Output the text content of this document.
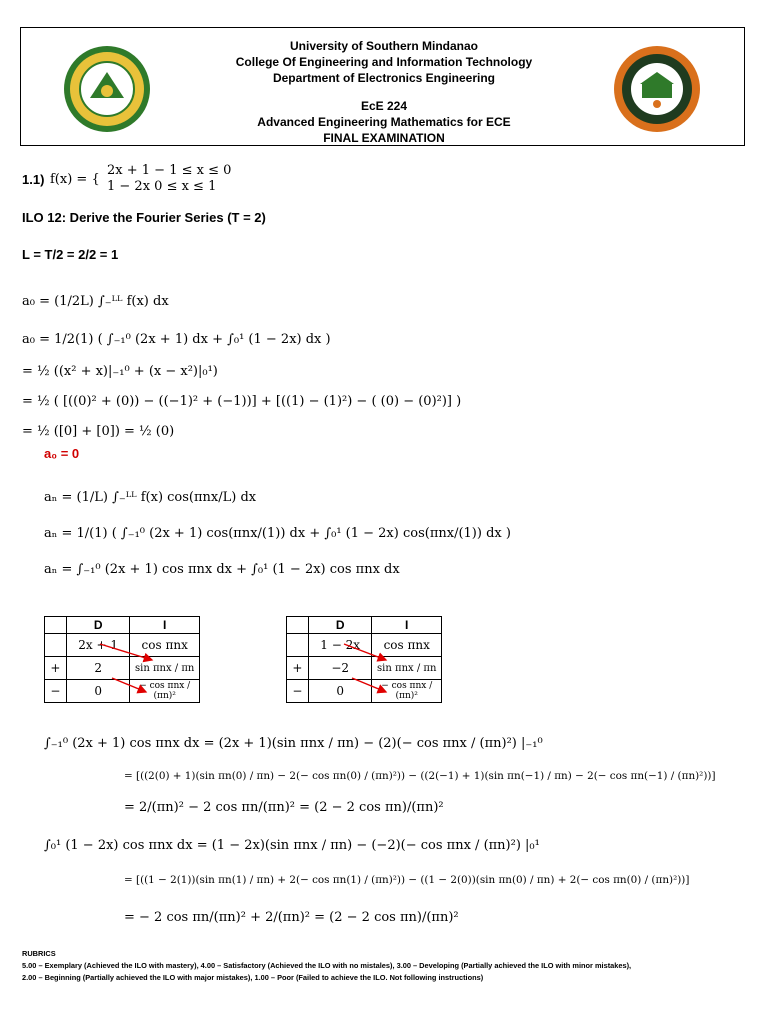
University of Southern Mindanao
College Of Engineering and Information Technology
Department of Electronics Engineering
EcE 224
Advanced Engineering Mathematics for ECE
FINAL EXAMINATION
1.1) f(x) = {
2x + 1 − 1 ≤ x ≤ 0
1 − 2x 0 ≤ x ≤ 1
ILO 12: Derive the Fourier Series (T = 2)
L = T/2 = 2/2 = 1
a₀ = (1/2L) ∫₋ᴸᴸ f(x) dx
a₀ = 1/2(1) ( ∫₋₁⁰ (2x + 1) dx + ∫₀¹ (1 − 2x) dx )
= ½ ((x² + x)|₋₁⁰ + (x − x²)|₀¹)
= ½ ( [((0)² + (0)) − ((−1)² + (−1))] + [((1) − (1)²) − ( (0) − (0)²)] )
= ½ ([0] + [0]) = ½ (0)
a₀ = 0
aₙ = (1/L) ∫₋ᴸᴸ f(x) cos(πnx/L) dx
aₙ = 1/(1) ( ∫₋₁⁰ (2x + 1) cos(πnx/(1)) dx + ∫₀¹ (1 − 2x) cos(πnx/(1)) dx )
aₙ = ∫₋₁⁰ (2x + 1) cos πnx dx + ∫₀¹ (1 − 2x) cos πnx dx
	D	I
	2x + 1	cos πnx
+	2	sin πnx / πn
−	0	− cos πnx / (πn)²
	D	I
	1 − 2x	cos πnx
+	−2	sin πnx / πn
−	0	− cos πnx / (πn)²
∫₋₁⁰ (2x + 1) cos πnx dx = (2x + 1)(sin πnx / πn) − (2)(− cos πnx / (πn)²) |₋₁⁰
= [((2(0) + 1)(sin πn(0) / πn) − 2(− cos πn(0) / (πn)²)) − ((2(−1) + 1)(sin πn(−1) / πn) − 2(− cos πn(−1) / (πn)²))]
= 2/(πn)² − 2 cos πn/(πn)² = (2 − 2 cos πn)/(πn)²
∫₀¹ (1 − 2x) cos πnx dx = (1 − 2x)(sin πnx / πn) − (−2)(− cos πnx / (πn)²) |₀¹
= [((1 − 2(1))(sin πn(1) / πn) + 2(− cos πn(1) / (πn)²)) − ((1 − 2(0))(sin πn(0) / πn) + 2(− cos πn(0) / (πn)²))]
= − 2 cos πn/(πn)² + 2/(πn)² = (2 − 2 cos πn)/(πn)²
RUBRICS
5.00 – Exemplary (Achieved the ILO with mastery), 4.00 – Satisfactory (Achieved the ILO with no mistales), 3.00 – Developing (Partially achieved the ILO with minor mistakes),
2.00 – Beginning (Partially achieved the ILO with major mistakes), 1.00 – Poor (Failed to achieve the ILO. Not following instructions)
